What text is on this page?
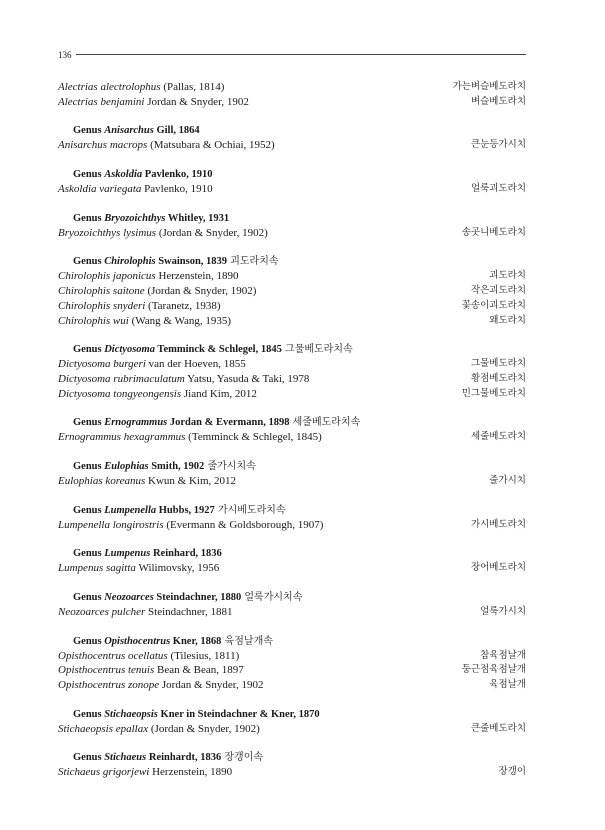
136
Alectrias alectrolophus (Pallas, 1814)	가는벼슬베도라치
Alectrias benjamini Jordan & Snyder, 1902	벼슬베도라치
Genus Anisarchus Gill, 1864
Anisarchus macrops (Matsubara & Ochiai, 1952)	큰눈등가시치
Genus Askoldia Pavlenko, 1910
Askoldia variegata Pavlenko, 1910	얼룩괴도라치
Genus Bryozoichthys Whitley, 1931
Bryozoichthys lysimus (Jordan & Snyder, 1902)	송곳니베도라치
Genus Chirolophis Swainson, 1839 괴도라치속
Chirolophis japonicus Herzenstein, 1890	괴도라치
Chirolophis saitone (Jordan & Snyder, 1902)	작은괴도라치
Chirolophis snyderi (Taranetz, 1938)	꽃송이괴도라치
Chirolophis wui (Wang & Wang, 1935)	왜도라치
Genus Dictyosoma Temminck & Schlegel, 1845 그물베도라치속
Dictyosoma burgeri van der Hoeven, 1855	그물베도라치
Dictyosoma rubrimaculatum Yatsu, Yasuda & Taki, 1978	황점베도라치
Dictyosoma tongyeongensis Jiand Kim, 2012	민그물베도라치
Genus Ernogrammus Jordan & Evermann, 1898 세줄베도라치속
Ernogrammus hexagrammus (Temminck & Schlegel, 1845)	세줄베도라치
Genus Eulophias Smith, 1902 줄가시치속
Eulophias koreanus Kwun & Kim, 2012	줄가시치
Genus Lumpenella Hubbs, 1927 가시베도라치속
Lumpenella longirostris (Evermann & Goldsborough, 1907)	가시베도라치
Genus Lumpenus Reinhard, 1836
Lumpenus sagitta Wilimovsky, 1956	장어베도라치
Genus Neozoarces Steindachner, 1880 얼룩가시치속
Neozoarces pulcher Steindachner, 1881	얼룩가시치
Genus Opisthocentrus Kner, 1868 육점날개속
Opisthocentrus ocellatus (Tilesius, 1811)	참육점날개
Opisthocentrus tenuis Bean & Bean, 1897	둥근점육점날개
Opisthocentrus zonope Jordan & Snyder, 1902	육점날개
Genus Stichaeopsis Kner in Steindachner & Kner, 1870
Stichaeopsis epallax (Jordan & Snyder, 1902)	큰줄베도라치
Genus Stichaeus Reinhardt, 1836 장갱이속
Stichaeus grigorjewi Herzenstein, 1890	장갱이
